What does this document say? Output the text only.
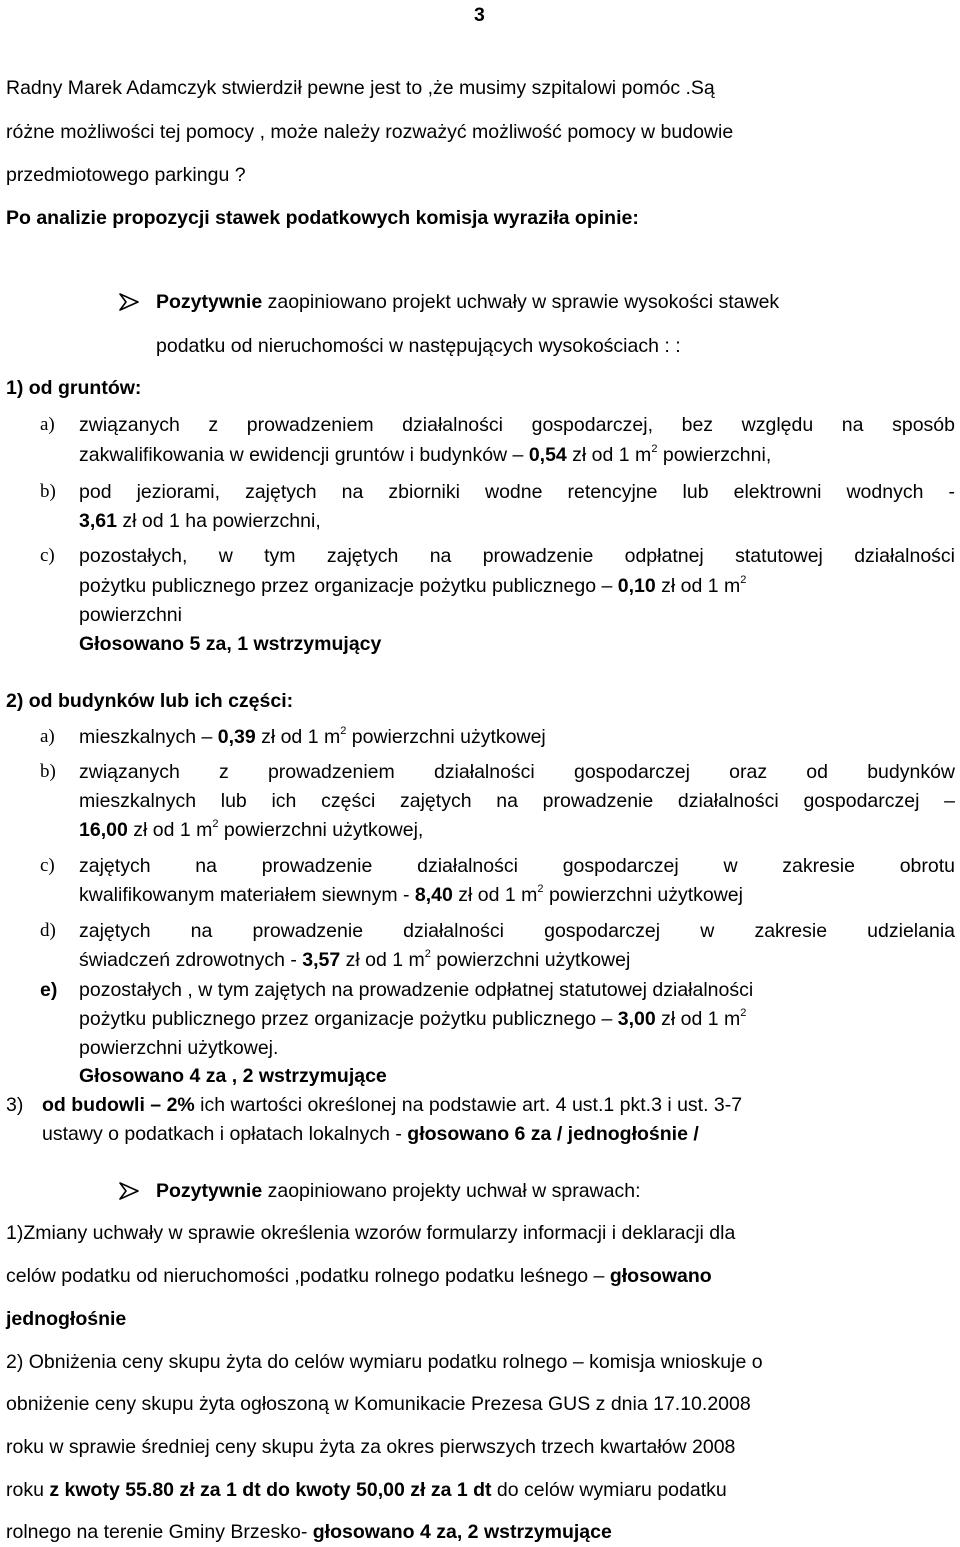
3
Radny Marek Adamczyk stwierdził pewne jest to ,że musimy szpitalowi pomóc .Są
różne możliwości tej pomocy , może należy rozważyć możliwość pomocy w budowie
przedmiotowego parkingu ?
Po analizie propozycji stawek podatkowych komisja wyraziła opinie:
Pozytywnie zaopiniowano projekt uchwały w sprawie wysokości stawek
podatku od nieruchomości w następujących wysokościach : :
1) od gruntów:
a) związanych z prowadzeniem działalności gospodarczej, bez względu na sposób
zakwalifikowania w ewidencji gruntów i budynków – 0,54 zł od 1 $m^2$ powierzchni,
b) pod jeziorami, zajętych na zbiorniki wodne retencyjne lub elektrowni wodnych -
3,61 zł od 1 ha powierzchni,
c) pozostałych, w tym zajętych na prowadzenie odpłatnej statutowej działalności
pożytku publicznego przez organizacje pożytku publicznego – 0,10 zł od 1 $m^2$
powierzchni
Głosowano 5 za, 1 wstrzymujący
2) od budynków lub ich części:
a) mieszkalnych – 0,39 zł od 1 $m^2$ powierzchni użytkowej
b) związanych z prowadzeniem działalności gospodarczej oraz od budynków
mieszkalnych lub ich części zajętych na prowadzenie działalności gospodarczej –
16,00 zł od 1 $m^2$ powierzchni użytkowej,
c) zajętych na prowadzenie działalności gospodarczej w zakresie obrotu
kwalifikowanym materiałem siewnym - 8,40 zł od 1 $m^2$ powierzchni użytkowej
d) zajętych na prowadzenie działalności gospodarczej w zakresie udzielania
świadczeń zdrowotnych - 3,57 zł od 1 $m^2$ powierzchni użytkowej
e) pozostałych , w tym zajętych na prowadzenie odpłatnej statutowej działalności
pożytku publicznego przez organizacje pożytku publicznego – 3,00 zł od 1 $m^2$
powierzchni użytkowej.
Głosowano 4 za , 2 wstrzymujące
3) od budowli – 2% ich wartości określonej na podstawie art. 4 ust.1 pkt.3 i ust. 3-7
ustawy o podatkach i opłatach lokalnych - głosowano 6 za / jednogłośnie /
Pozytywnie zaopiniowano projekty uchwał w sprawach:
1)Zmiany uchwały w sprawie określenia wzorów formularzy informacji i deklaracji dla
celów podatku od nieruchomości ,podatku rolnego podatku leśnego – głosowano
jednogłośnie
2) Obniżenia ceny skupu żyta do celów wymiaru podatku rolnego – komisja wnioskuje o
obniżenie ceny skupu żyta ogłoszoną w Komunikacie Prezesa GUS z dnia 17.10.2008
roku w sprawie średniej ceny skupu żyta za okres pierwszych trzech kwartałów 2008
roku z kwoty 55.80 zł za 1 dt do kwoty 50,00 zł za 1 dt do celów wymiaru podatku
rolnego na terenie Gminy Brzesko- głosowano 4 za, 2 wstrzymujące
